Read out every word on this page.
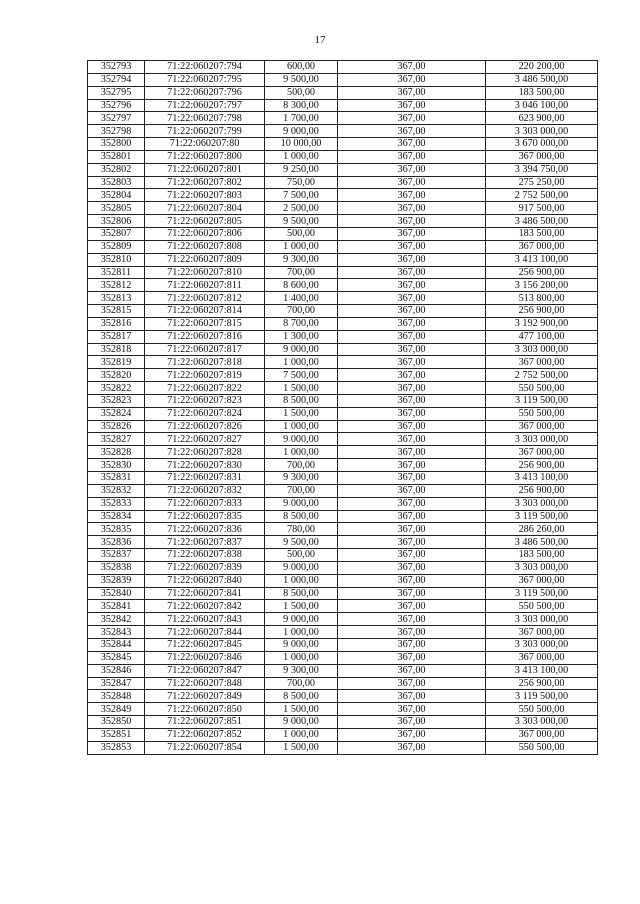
17
352793	71:22:060207:794	600,00	367,00	220 200,00
352794	71:22:060207:795	9 500,00	367,00	3 486 500,00
352795	71:22:060207:796	500,00	367,00	183 500,00
352796	71:22:060207:797	8 300,00	367,00	3 046 100,00
352797	71:22:060207:798	1 700,00	367,00	623 900,00
352798	71:22:060207:799	9 000,00	367,00	3 303 000,00
352800	71:22:060207:80	10 000,00	367,00	3 670 000,00
352801	71:22:060207:800	1 000,00	367,00	367 000,00
352802	71:22:060207:801	9 250,00	367,00	3 394 750,00
352803	71:22:060207:802	750,00	367,00	275 250,00
352804	71:22:060207:803	7 500,00	367,00	2 752 500,00
352805	71:22:060207:804	2 500,00	367,00	917 500,00
352806	71:22:060207:805	9 500,00	367,00	3 486 500,00
352807	71:22:060207:806	500,00	367,00	183 500,00
352809	71:22:060207:808	1 000,00	367,00	367 000,00
352810	71:22:060207:809	9 300,00	367,00	3 413 100,00
352811	71:22:060207:810	700,00	367,00	256 900,00
352812	71:22:060207:811	8 600,00	367,00	3 156 200,00
352813	71:22:060207:812	1 400,00	367,00	513 800,00
352815	71:22:060207:814	700,00	367,00	256 900,00
352816	71:22:060207:815	8 700,00	367,00	3 192 900,00
352817	71:22:060207:816	1 300,00	367,00	477 100,00
352818	71:22:060207:817	9 000,00	367,00	3 303 000,00
352819	71:22:060207:818	1 000,00	367,00	367 000,00
352820	71:22:060207:819	7 500,00	367,00	2 752 500,00
352822	71:22:060207:822	1 500,00	367,00	550 500,00
352823	71:22:060207:823	8 500,00	367,00	3 119 500,00
352824	71:22:060207:824	1 500,00	367,00	550 500,00
352826	71:22:060207:826	1 000,00	367,00	367 000,00
352827	71:22:060207:827	9 000,00	367,00	3 303 000,00
352828	71:22:060207:828	1 000,00	367,00	367 000,00
352830	71:22:060207:830	700,00	367,00	256 900,00
352831	71:22:060207:831	9 300,00	367,00	3 413 100,00
352832	71:22:060207:832	700,00	367,00	256 900,00
352833	71:22:060207:833	9 000,00	367,00	3 303 000,00
352834	71:22:060207:835	8 500,00	367,00	3 119 500,00
352835	71:22:060207:836	780,00	367,00	286 260,00
352836	71:22:060207:837	9 500,00	367,00	3 486 500,00
352837	71:22:060207:838	500,00	367,00	183 500,00
352838	71:22:060207:839	9 000,00	367,00	3 303 000,00
352839	71:22:060207:840	1 000,00	367,00	367 000,00
352840	71:22:060207:841	8 500,00	367,00	3 119 500,00
352841	71:22:060207:842	1 500,00	367,00	550 500,00
352842	71:22:060207:843	9 000,00	367,00	3 303 000,00
352843	71:22:060207:844	1 000,00	367,00	367 000,00
352844	71:22:060207:845	9 000,00	367,00	3 303 000,00
352845	71:22:060207:846	1 000,00	367,00	367 000,00
352846	71:22:060207:847	9 300,00	367,00	3 413 100,00
352847	71:22:060207:848	700,00	367,00	256 900,00
352848	71:22:060207:849	8 500,00	367,00	3 119 500,00
352849	71:22:060207:850	1 500,00	367,00	550 500,00
352850	71:22:060207:851	9 000,00	367,00	3 303 000,00
352851	71:22:060207:852	1 000,00	367,00	367 000,00
352853	71:22:060207:854	1 500,00	367,00	550 500,00
